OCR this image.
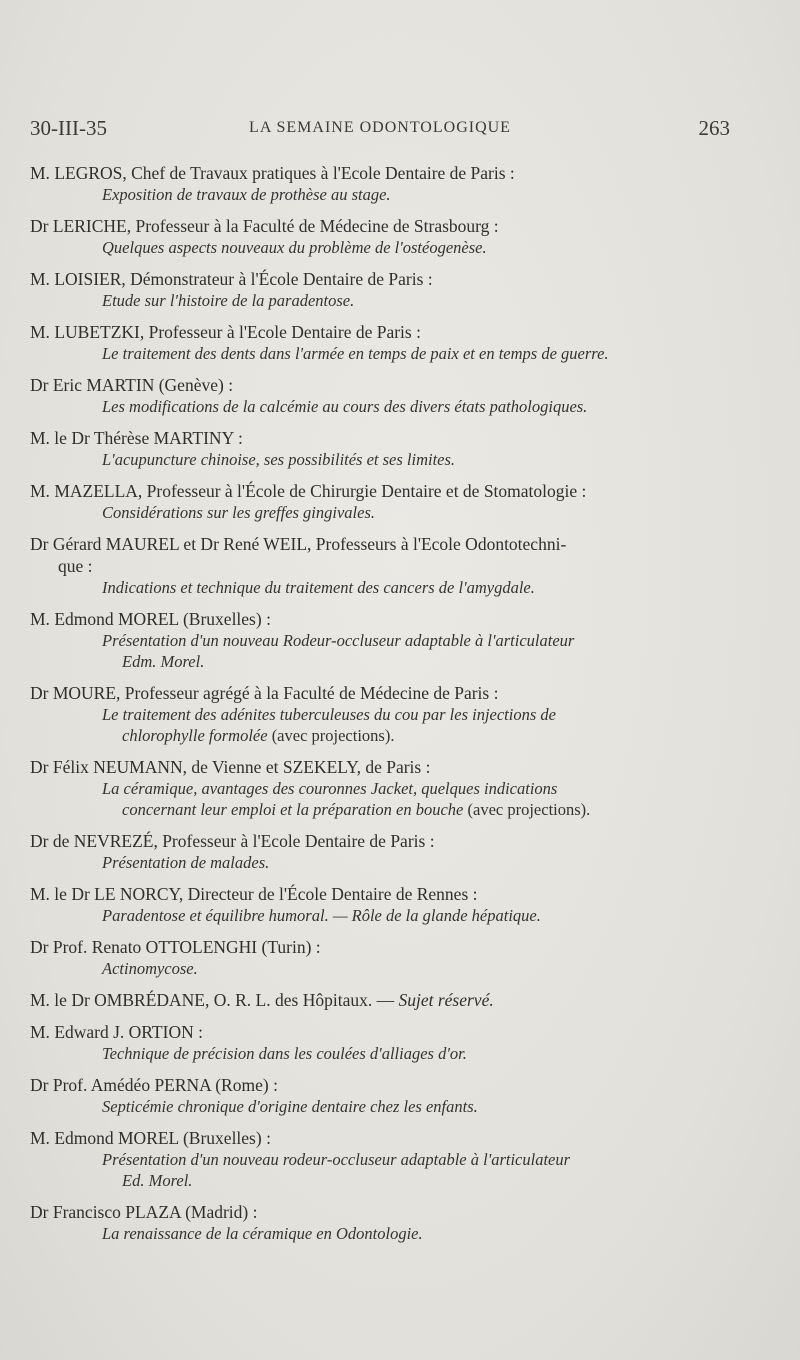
30-III-35	LA SEMAINE ODONTOLOGIQUE	263
M. LEGROS, Chef de Travaux pratiques à l'Ecole Dentaire de Paris :
Exposition de travaux de prothèse au stage.
Dr LERICHE, Professeur à la Faculté de Médecine de Strasbourg :
Quelques aspects nouveaux du problème de l'ostéogenèse.
M. LOISIER, Démonstrateur à l'École Dentaire de Paris :
Etude sur l'histoire de la paradentose.
M. LUBETZKI, Professeur à l'Ecole Dentaire de Paris :
Le traitement des dents dans l'armée en temps de paix et en temps de guerre.
Dr Eric MARTIN (Genève) :
Les modifications de la calcémie au cours des divers états pathologiques.
M. le Dr Thérèse MARTINY :
L'acupuncture chinoise, ses possibilités et ses limites.
M. MAZELLA, Professeur à l'École de Chirurgie Dentaire et de Stomatologie :
Considérations sur les greffes gingivales.
Dr Gérard MAUREL et Dr René WEIL, Professeurs à l'Ecole Odontotechni-
que :
Indications et technique du traitement des cancers de l'amygdale.
M. Edmond MOREL (Bruxelles) :
Présentation d'un nouveau Rodeur-occluseur adaptable à l'articulateur
Edm. Morel.
Dr MOURE, Professeur agrégé à la Faculté de Médecine de Paris :
Le traitement des adénites tuberculeuses du cou par les injections de
chlorophylle formolée (avec projections).
Dr Félix NEUMANN, de Vienne et SZEKELY, de Paris :
La céramique, avantages des couronnes Jacket, quelques indications
concernant leur emploi et la préparation en bouche (avec projections).
Dr de NEVREZÉ, Professeur à l'Ecole Dentaire de Paris :
Présentation de malades.
M. le Dr LE NORCY, Directeur de l'École Dentaire de Rennes :
Paradentose et équilibre humoral. — Rôle de la glande hépatique.
Dr Prof. Renato OTTOLENGHI (Turin) :
Actinomycose.
M. le Dr OMBRÉDANE, O. R. L. des Hôpitaux. — Sujet réservé.
M. Edward J. ORTION :
Technique de précision dans les coulées d'alliages d'or.
Dr Prof. Amédéo PERNA (Rome) :
Septicémie chronique d'origine dentaire chez les enfants.
M. Edmond MOREL (Bruxelles) :
Présentation d'un nouveau rodeur-occluseur adaptable à l'articulateur
Ed. Morel.
Dr Francisco PLAZA (Madrid) :
La renaissance de la céramique en Odontologie.
